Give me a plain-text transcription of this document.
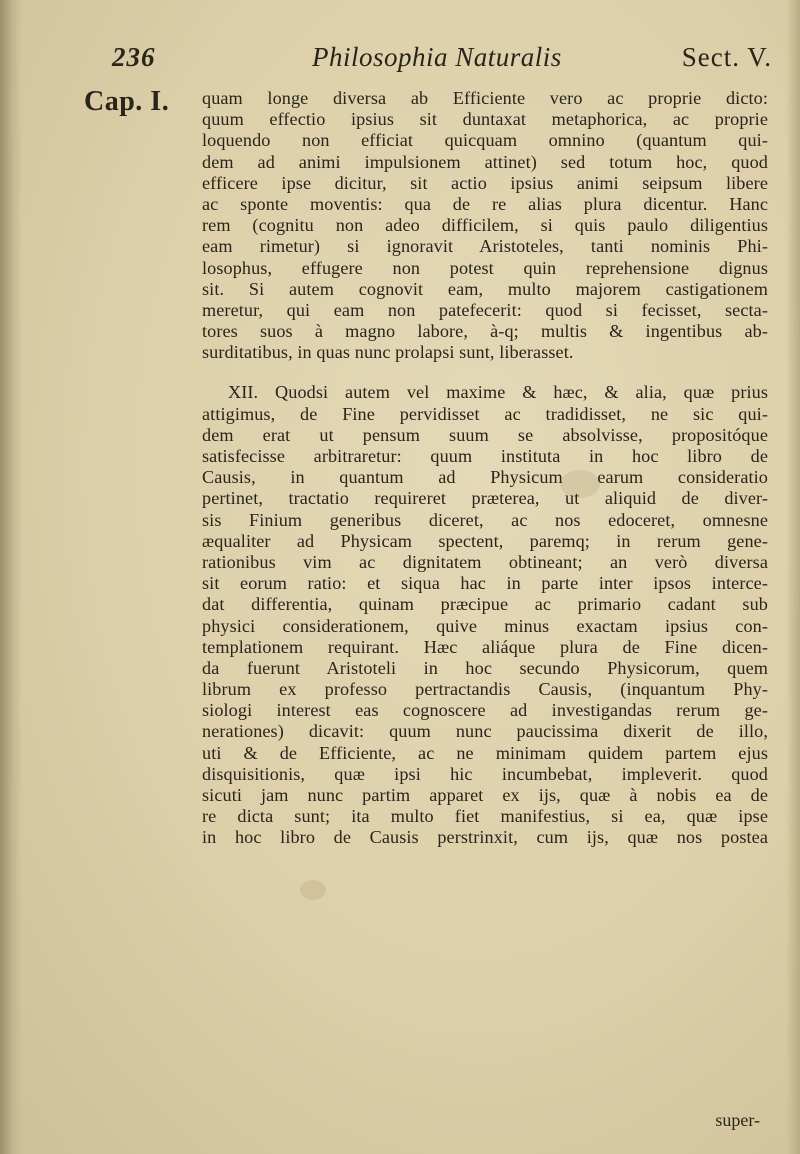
236	Philosophia Naturalis	Sect. V.
Cap. I. quam longe diversa ab Efficiente vero ac proprie dicto:
quum effectio ipsius sit duntaxat metaphorica, ac proprie
loquendo non efficiat quicquam omnino (quantum qui-
dem ad animi impulsionem attinet) sed totum hoc, quod
efficere ipse dicitur, sit actio ipsius animi seipsum libere
ac sponte moventis: qua de re alias plura dicentur. Hanc
rem (cognitu non adeo difficilem, si quis paulo diligentius
eam rimetur) si ignoravit Aristoteles, tanti nominis Phi-
losophus, effugere non potest quin reprehensione dignus
sit. Si autem cognovit eam, multo majorem castigationem
meretur, qui eam non patefecerit: quod si fecisset, secta-
tores suos à magno labore, à-q; multis & ingentibus ab-
surditatibus, in quas nunc prolapsi sunt, liberasset.
XII. Quodsi autem vel maxime & hæc, & alia, quæ prius
attigimus, de Fine pervidisset ac tradidisset, ne sic qui-
dem erat ut pensum suum se absolvisse, propositóque
satisfecisse arbitraretur: quum instituta in hoc libro de
Causis, in quantum ad Physicum earum consideratio
pertinet, tractatio requireret præterea, ut aliquid de diver-
sis Finium generibus diceret, ac nos edoceret, omnesne
æqualiter ad Physicam spectent, paremq; in rerum gene-
rationibus vim ac dignitatem obtineant; an verò diversa
sit eorum ratio: et siqua hac in parte inter ipsos interce-
dat differentia, quinam præcipue ac primario cadant sub
physici considerationem, quive minus exactam ipsius con-
templationem requirant. Hæc aliáque plura de Fine dicen-
da fuerunt Aristoteli in hoc secundo Physicorum, quem
librum ex professo pertractandis Causis, (inquantum Phy-
siologi interest eas cognoscere ad investigandas rerum ge-
nerationes) dicavit: quum nunc paucissima dixerit de illo,
uti & de Efficiente, ac ne minimam quidem partem ejus
disquisitionis, quæ ipsi hic incumbebat, impleverit. quod
sicuti jam nunc partim apparet ex ijs, quæ à nobis ea de
re dicta sunt; ita multo fiet manifestius, si ea, quæ ipse
in hoc libro de Causis perstrinxit, cum ijs, quæ nos postea
super-
